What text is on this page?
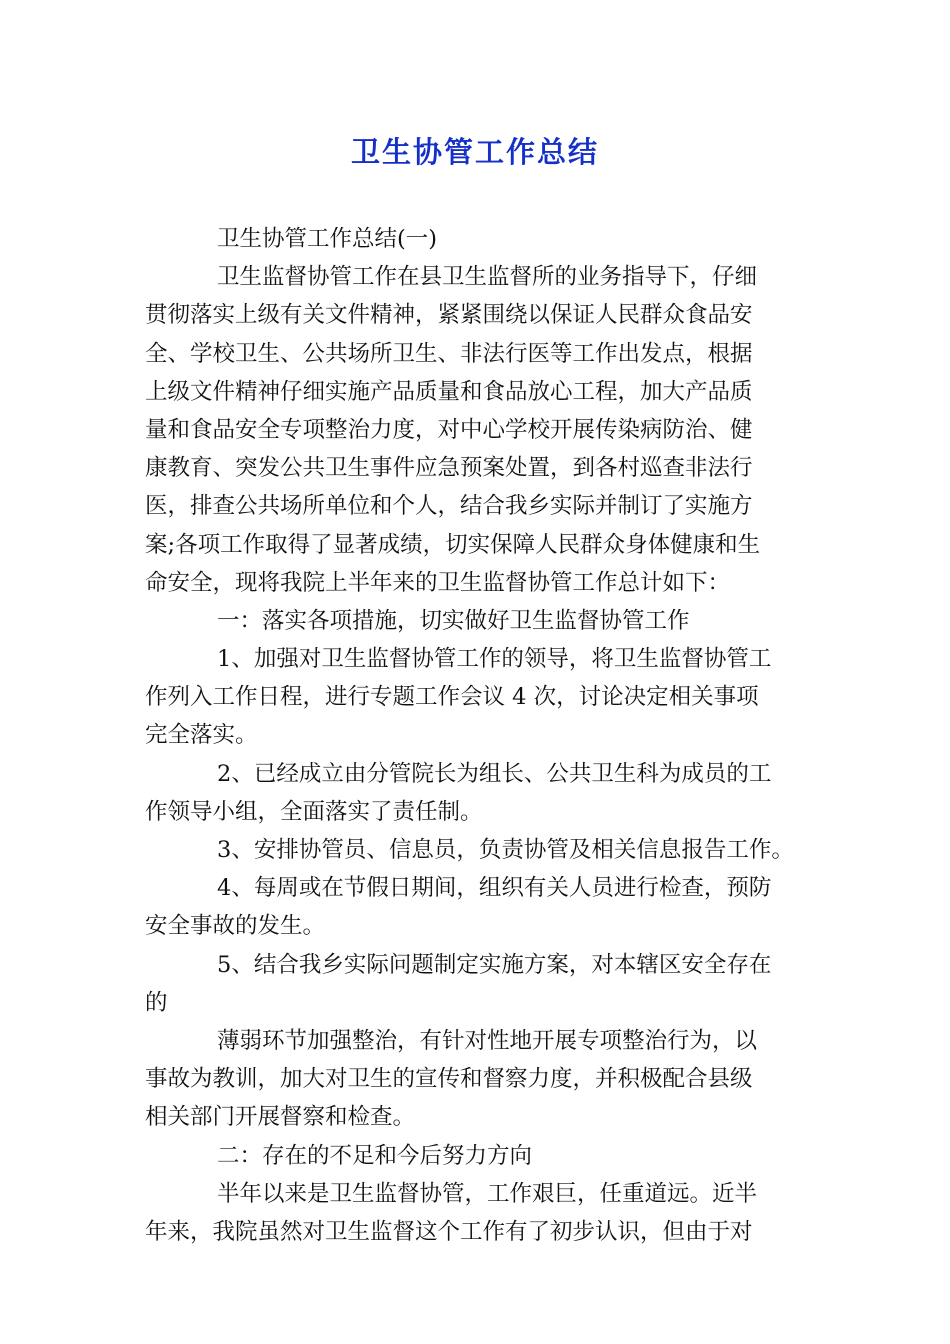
卫生协管工作总结

卫生协管工作总结(一)

卫生监督协管工作在县卫生监督所的业务指导下，仔细

贯彻落实上级有关文件精神，紧紧围绕以保证人民群众食品安

全、学校卫生、公共场所卫生、非法行医等工作出发点，根据

上级文件精神仔细实施产品质量和食品放心工程，加大产品质

量和食品安全专项整治力度，对中心学校开展传染病防治、健

康教育、突发公共卫生事件应急预案处置，到各村巡查非法行

医，排查公共场所单位和个人，结合我乡实际并制订了实施方

案;各项工作取得了显著成绩，切实保障人民群众身体健康和生

命安全，现将我院上半年来的卫生监督协管工作总计如下：

一：落实各项措施，切实做好卫生监督协管工作

1、加强对卫生监督协管工作的领导，将卫生监督协管工

作列入工作日程，进行专题工作会议 4 次，讨论决定相关事项

完全落实。

2、已经成立由分管院长为组长、公共卫生科为成员的工

作领导小组，全面落实了责任制。

3、安排协管员、信息员，负责协管及相关信息报告工作。

4、每周或在节假日期间，组织有关人员进行检查，预防

安全事故的发生。

5、结合我乡实际问题制定实施方案，对本辖区安全存在

的

薄弱环节加强整治，有针对性地开展专项整治行为，以

事故为教训，加大对卫生的宣传和督察力度，并积极配合县级

相关部门开展督察和检查。

二：存在的不足和今后努力方向

半年以来是卫生监督协管，工作艰巨，任重道远。近半

年来，我院虽然对卫生监督这个工作有了初步认识，但由于对
